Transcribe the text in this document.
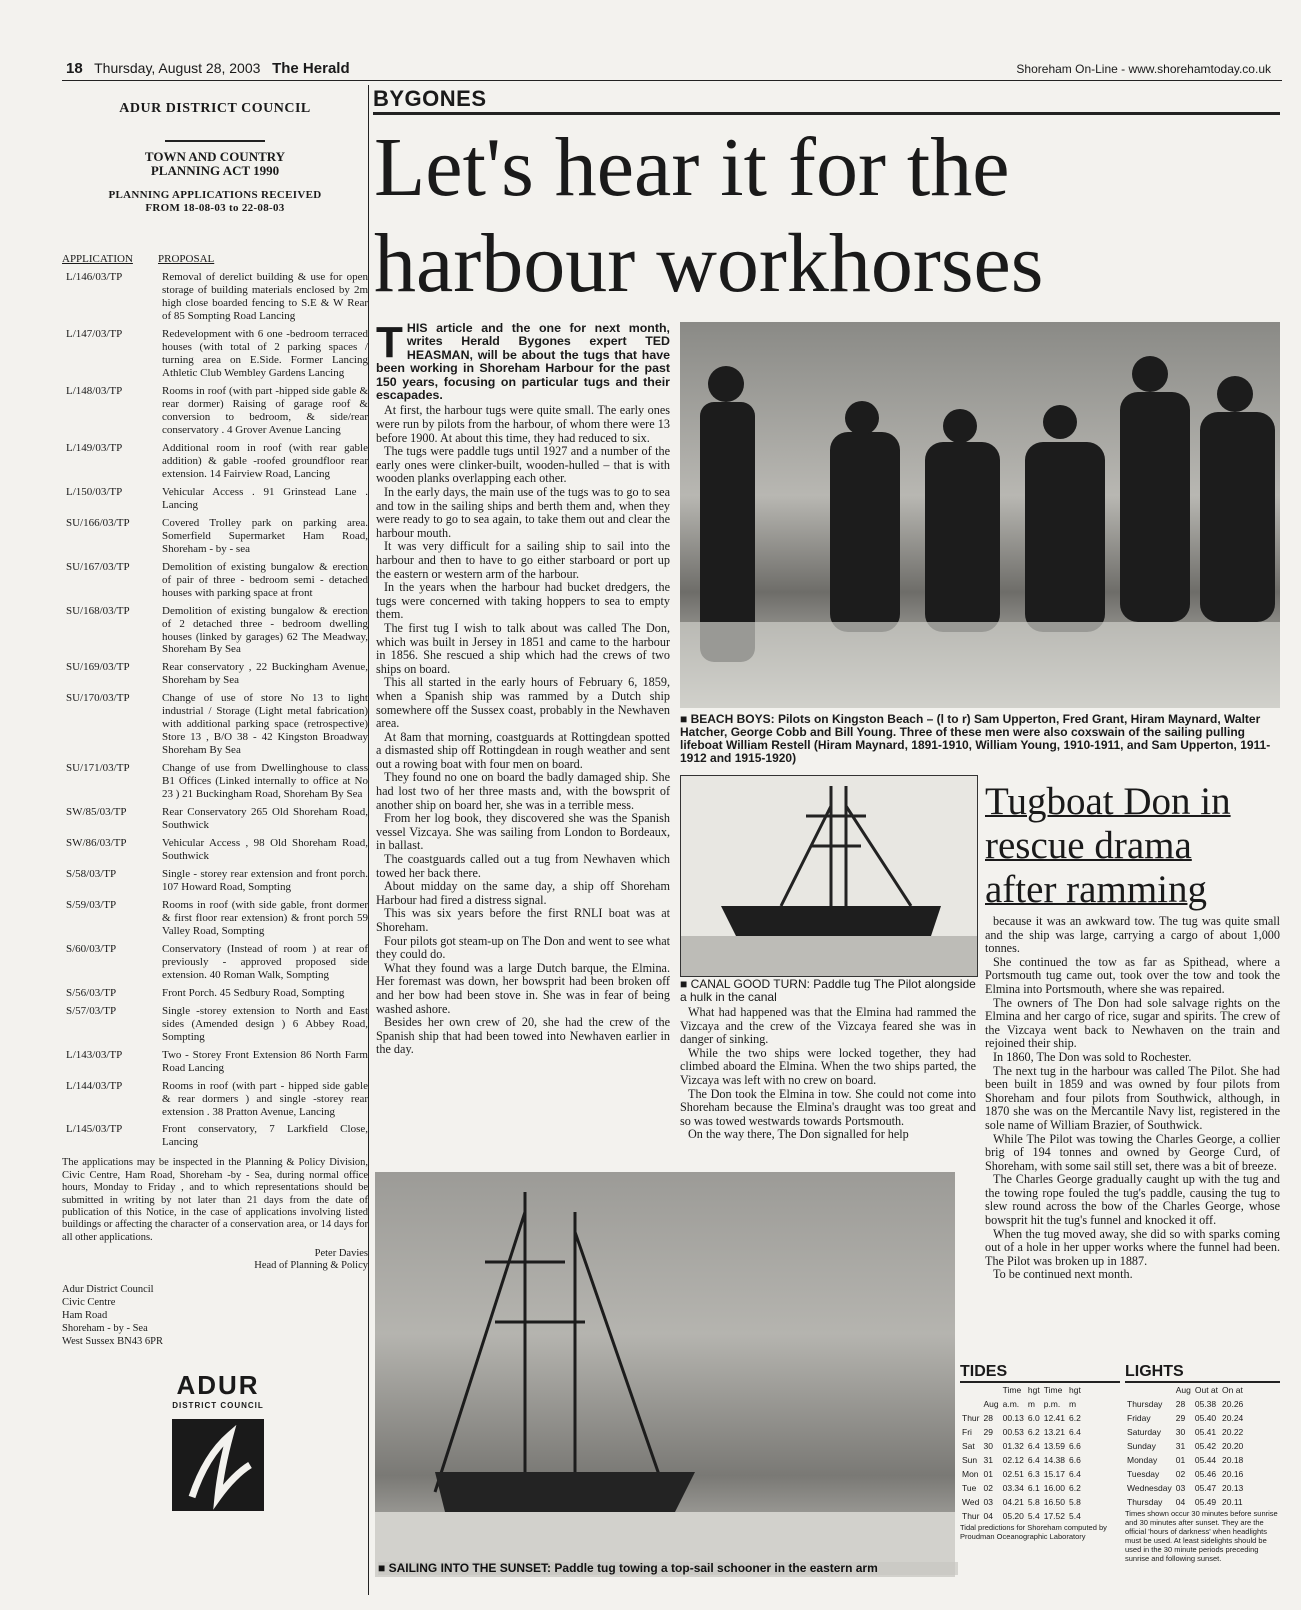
18 Thursday, August 28, 2003 The Herald	Shoreham On-Line - www.shorehamtoday.co.uk
ADUR DISTRICT COUNCIL
TOWN AND COUNTRY
PLANNING ACT 1990
PLANNING APPLICATIONS RECEIVED
FROM 18-08-03 to 22-08-03
APPLICATION	PROPOSAL
L/146/03/TP	Removal of derelict building & use for open storage of building materials enclosed by 2m high close boarded fencing to S.E & W Rear of 85 Sompting Road Lancing
L/147/03/TP	Redevelopment with 6 one -bedroom terraced houses (with total of 2 parking spaces / turning area on E.Side. Former Lancing Athletic Club Wembley Gardens Lancing
L/148/03/TP	Rooms in roof (with part -hipped side gable & rear dormer) Raising of garage roof & conversion to bedroom, & side/rear conservatory . 4 Grover Avenue Lancing
L/149/03/TP	Additional room in roof (with rear gable addition) & gable -roofed groundfloor rear extension. 14 Fairview Road, Lancing
L/150/03/TP	Vehicular Access . 91 Grinstead Lane . Lancing
SU/166/03/TP	Covered Trolley park on parking area. Somerfield Supermarket Ham Road, Shoreham - by - sea
SU/167/03/TP	Demolition of existing bungalow & erection of pair of three - bedroom semi - detached houses with parking space at front
SU/168/03/TP	Demolition of existing bungalow & erection of 2 detached three - bedroom dwelling houses (linked by garages) 62 The Meadway, Shoreham By Sea
SU/169/03/TP	Rear conservatory , 22 Buckingham Avenue, Shoreham by Sea
SU/170/03/TP	Change of use of store No 13 to light industrial / Storage (Light metal fabrication) with additional parking space (retrospective) Store 13 , B/O 38 - 42 Kingston Broadway Shoreham By Sea
SU/171/03/TP	Change of use from Dwellinghouse to class B1 Offices (Linked internally to office at No 23 ) 21 Buckingham Road, Shoreham By Sea
SW/85/03/TP	Rear Conservatory 265 Old Shoreham Road, Southwick
SW/86/03/TP	Vehicular Access , 98 Old Shoreham Road, Southwick
S/58/03/TP	Single - storey rear extension and front porch. 107 Howard Road, Sompting
S/59/03/TP	Rooms in roof (with side gable, front dormer & first floor rear extension) & front porch 59 Valley Road, Sompting
S/60/03/TP	Conservatory (Instead of room ) at rear of previously - approved proposed side extension. 40 Roman Walk, Sompting
S/56/03/TP	Front Porch. 45 Sedbury Road, Sompting
S/57/03/TP	Single -storey extension to North and East sides (Amended design ) 6 Abbey Road, Sompting
L/143/03/TP	Two - Storey Front Extension 86 North Farm Road Lancing
L/144/03/TP	Rooms in roof (with part - hipped side gable & rear dormers ) and single -storey rear extension . 38 Pratton Avenue, Lancing
L/145/03/TP	Front conservatory, 7 Larkfield Close, Lancing
The applications may be inspected in the Planning & Policy Division, Civic Centre, Ham Road, Shoreham -by - Sea, during normal office hours, Monday to Friday , and to which representations should be submitted in writing by not later than 21 days from the date of publication of this Notice, in the case of applications involving listed buildings or affecting the character of a conservation area, or 14 days for all other applications.
Peter Davies
Head of Planning & Policy
Adur District Council
Civic Centre
Ham Road
Shoreham - by - Sea
West Sussex BN43 6PR
ADUR
DISTRICT COUNCIL
BYGONES
Let's hear it for the
harbour workhorses
T HIS article and the one for next month, writes Herald Bygones expert TED HEASMAN, will be about the tugs that have been working in Shoreham Harbour for the past 150 years, focusing on particular tugs and their escapades.

At first, the harbour tugs were quite small. The early ones were run by pilots from the harbour, of whom there were 13 before 1900. At about this time, they had reduced to six.

The tugs were paddle tugs until 1927 and a number of the early ones were clinker-built, wooden-hulled – that is with wooden planks overlapping each other.

In the early days, the main use of the tugs was to go to sea and tow in the sailing ships and berth them and, when they were ready to go to sea again, to take them out and clear the harbour mouth.

It was very difficult for a sailing ship to sail into the harbour and then to have to go either starboard or port up the eastern or western arm of the harbour.

In the years when the harbour had bucket dredgers, the tugs were concerned with taking hoppers to sea to empty them.

The first tug I wish to talk about was called The Don, which was built in Jersey in 1851 and came to the harbour in 1856. She rescued a ship which had the crews of two ships on board.

This all started in the early hours of February 6, 1859, when a Spanish ship was rammed by a Dutch ship somewhere off the Sussex coast, probably in the Newhaven area.

At 8am that morning, coastguards at Rottingdean spotted a dismasted ship off Rottingdean in rough weather and sent out a rowing boat with four men on board.

They found no one on board the badly damaged ship. She had lost two of her three masts and, with the bowsprit of another ship on board her, she was in a terrible mess.

From her log book, they discovered she was the Spanish vessel Vizcaya. She was sailing from London to Bordeaux, in ballast.

The coastguards called out a tug from Newhaven which towed her back there.

About midday on the same day, a ship off Shoreham Harbour had fired a distress signal.

This was six years before the first RNLI boat was at Shoreham.

Four pilots got steam-up on The Don and went to see what they could do.

What they found was a large Dutch barque, the Elmina. Her foremast was down, her bowsprit had been broken off and her bow had been stove in. She was in fear of being washed ashore.

Besides her own crew of 20, she had the crew of the Spanish ship that had been towed into Newhaven earlier in the day.

■ BEACH BOYS: Pilots on Kingston Beach – (l to r) Sam Upperton, Fred Grant, Hiram Maynard, Walter Hatcher, George Cobb and Bill Young. Three of these men were also coxswain of the sailing pulling lifeboat William Restell (Hiram Maynard, 1891-1910, William Young, 1910-1911, and Sam Upperton, 1911-1912 and 1915-1920)
■ CANAL GOOD TURN: Paddle tug The Pilot alongside a hulk in the canal

What had happened was that the Elmina had rammed the Vizcaya and the crew of the Vizcaya feared she was in danger of sinking.

While the two ships were locked together, they had climbed aboard the Elmina. When the two ships parted, the Vizcaya was left with no crew on board.

The Don took the Elmina in tow. She could not come into Shoreham because the Elmina's draught was too great and so was towed westwards towards Portsmouth.

On the way there, The Don signalled for help

Tugboat Don in
rescue drama
after ramming

because it was an awkward tow. The tug was quite small and the ship was large, carrying a cargo of about 1,000 tonnes.

She continued the tow as far as Spithead, where a Portsmouth tug came out, took over the tow and took the Elmina into Portsmouth, where she was repaired.

The owners of The Don had sole salvage rights on the Elmina and her cargo of rice, sugar and spirits. The crew of the Vizcaya went back to Newhaven on the train and rejoined their ship.

In 1860, The Don was sold to Rochester.

The next tug in the harbour was called The Pilot. She had been built in 1859 and was owned by four pilots from Shoreham and four pilots from Southwick, although, in 1870 she was on the Mercantile Navy list, registered in the sole name of William Brazier, of Southwick.

While The Pilot was towing the Charles George, a collier brig of 194 tonnes and owned by George Curd, of Shoreham, with some sail still set, there was a bit of breeze.

The Charles George gradually caught up with the tug and the towing rope fouled the tug's paddle, causing the tug to slew round across the bow of the Charles George, whose bowsprit hit the tug's funnel and knocked it off.

When the tug moved away, she did so with sparks coming out of a hole in her upper works where the funnel had been. The Pilot was broken up in 1887.

To be continued next month.

■ SAILING INTO THE SUNSET: Paddle tug towing a top-sail schooner in the eastern arm
TIDES
		Time	hgt	Time	hgt
	Aug	a.m.	m	p.m.	m
Thur	28	00.13	6.0	12.41	6.2
Fri	29	00.53	6.2	13.21	6.4
Sat	30	01.32	6.4	13.59	6.6
Sun	31	02.12	6.4	14.38	6.6
Mon	01	02.51	6.3	15.17	6.4
Tue	02	03.34	6.1	16.00	6.2
Wed	03	04.21	5.8	16.50	5.8
Thur	04	05.20	5.4	17.52	5.4
Tidal predictions for Shoreham computed by Proudman Oceanographic Laboratory
LIGHTS
	Aug	Out at	On at
Thursday	28	05.38	20.26
Friday	29	05.40	20.24
Saturday	30	05.41	20.22
Sunday	31	05.42	20.20
Monday	01	05.44	20.18
Tuesday	02	05.46	20.16
Wednesday	03	05.47	20.13
Thursday	04	05.49	20.11
Times shown occur 30 minutes before sunrise and 30 minutes after sunset. They are the official 'hours of darkness' when headlights must be used. At least sidelights should be used in the 30 minute periods preceding sunrise and following sunset.
